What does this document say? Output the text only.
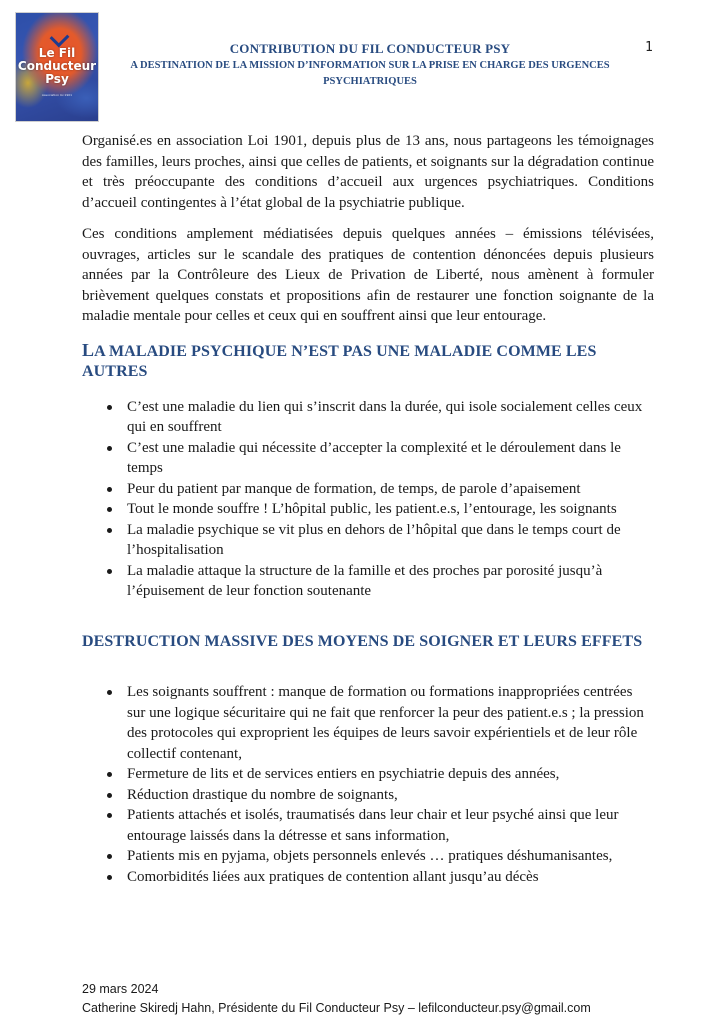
Le Fil
Conducteur
Psy
Association loi 1901
CONTRIBUTION DU FIL CONDUCTEUR PSY
A DESTINATION DE LA MISSION D’INFORMATION SUR LA PRISE EN CHARGE DES URGENCES
PSYCHIATRIQUES
1

Organisé.es en association Loi 1901, depuis plus de 13 ans, nous partageons les témoignages des familles, leurs proches, ainsi que celles de patients, et soignants sur la dégradation continue et très préoccupante des conditions d’accueil aux urgences psychiatriques. Conditions d’accueil contingentes à l’état global de la psychiatrie publique.

Ces conditions amplement médiatisées depuis quelques années – émissions télévisées, ouvrages, articles sur le scandale des pratiques de contention dénoncées depuis plusieurs années par la Contrôleure des Lieux de Privation de Liberté, nous amènent à formuler brièvement quelques constats et propositions afin de restaurer une fonction soignante de la maladie mentale pour celles et ceux qui en souffrent ainsi que leur entourage.

LA MALADIE PSYCHIQUE N’EST PAS UNE MALADIE COMME LES AUTRES
C’est une maladie du lien qui s’inscrit dans la durée, qui isole socialement celles ceux qui en souffrent
C’est une maladie qui nécessite d’accepter la complexité et le déroulement dans le temps
Peur du patient par manque de formation, de temps, de parole d’apaisement
Tout le monde souffre ! L’hôpital public, les patient.e.s, l’entourage, les soignants
La maladie psychique se vit plus en dehors de l’hôpital que dans le temps court de l’hospitalisation
La maladie attaque la structure de la famille et des proches par porosité jusqu’à l’épuisement de leur fonction soutenante
DESTRUCTION MASSIVE DES MOYENS DE SOIGNER ET LEURS EFFETS
Les soignants souffrent : manque de formation ou formations inappropriées centrées sur une logique sécuritaire qui ne fait que renforcer la peur des patient.e.s ; la pression des protocoles qui exproprient les équipes de leurs savoir expérientiels et de leur rôle collectif contenant,
Fermeture de lits et de services entiers en psychiatrie depuis des années,
Réduction drastique du nombre de soignants,
Patients attachés et isolés, traumatisés dans leur chair et leur psyché ainsi que leur entourage laissés dans la détresse et sans information,
Patients mis en pyjama, objets personnels enlevés … pratiques déshumanisantes,
Comorbidités liées aux pratiques de contention allant jusqu’au décès
29 mars 2024
Catherine Skiredj Hahn, Présidente du Fil Conducteur Psy – lefilconducteur.psy@gmail.com
